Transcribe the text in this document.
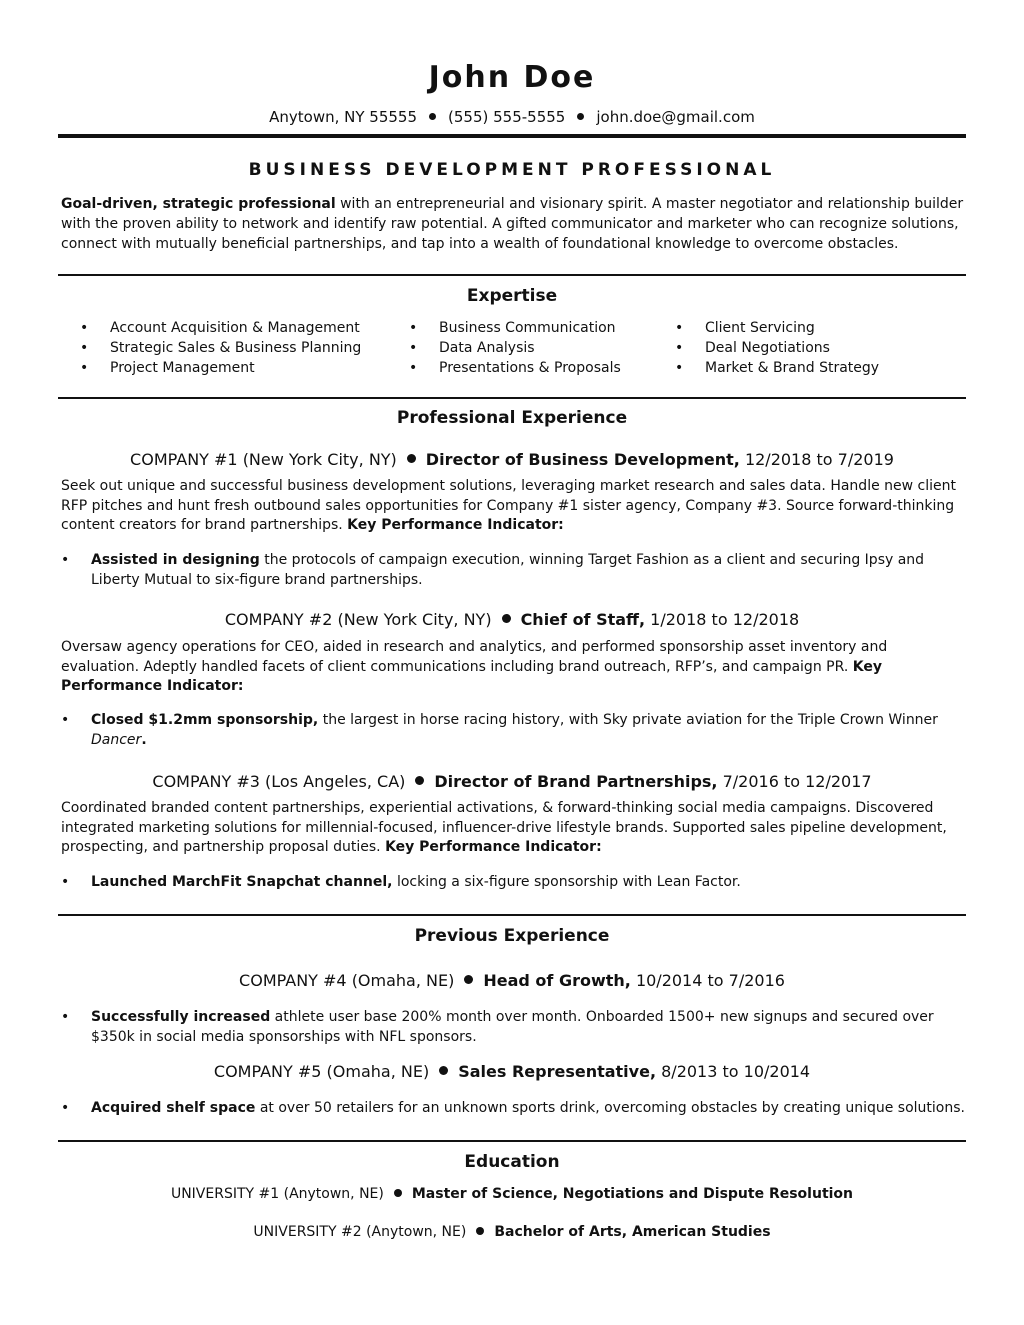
John Doe
Anytown, NY 55555 (555) 555-5555 john.doe@gmail.com
BUSINESS DEVELOPMENT PROFESSIONAL
Goal-driven, strategic professional with an entrepreneurial and visionary spirit. A master negotiator and relationship builder with the proven ability to network and identify raw potential. A gifted communicator and marketer who can recognize solutions, connect with mutually beneficial partnerships, and tap into a wealth of foundational knowledge to overcome obstacles.
Expertise
• Account Acquisition & Management
• Strategic Sales & Business Planning
• Project Management
• Business Communication
• Data Analysis
• Presentations & Proposals
• Client Servicing
• Deal Negotiations
• Market & Brand Strategy
Professional Experience
COMPANY #1 (New York City, NY) Director of Business Development, 12/2018 to 7/2019
Seek out unique and successful business development solutions, leveraging market research and sales data. Handle new client RFP pitches and hunt fresh outbound sales opportunities for Company #1 sister agency, Company #3. Source forward-thinking content creators for brand partnerships. Key Performance Indicator:
• Assisted in designing the protocols of campaign execution, winning Target Fashion as a client and securing Ipsy and Liberty Mutual to six-figure brand partnerships.
COMPANY #2 (New York City, NY) Chief of Staff, 1/2018 to 12/2018
Oversaw agency operations for CEO, aided in research and analytics, and performed sponsorship asset inventory and evaluation. Adeptly handled facets of client communications including brand outreach, RFP’s, and campaign PR. Key Performance Indicator:
• Closed $1.2mm sponsorship, the largest in horse racing history, with Sky private aviation for the Triple Crown Winner Dancer.
COMPANY #3 (Los Angeles, CA) Director of Brand Partnerships, 7/2016 to 12/2017
Coordinated branded content partnerships, experiential activations, & forward-thinking social media campaigns. Discovered integrated marketing solutions for millennial-focused, influencer-drive lifestyle brands. Supported sales pipeline development, prospecting, and partnership proposal duties. Key Performance Indicator:
• Launched MarchFit Snapchat channel, locking a six-figure sponsorship with Lean Factor.
Previous Experience
COMPANY #4 (Omaha, NE) Head of Growth, 10/2014 to 7/2016
• Successfully increased athlete user base 200% month over month. Onboarded 1500+ new signups and secured over $350k in social media sponsorships with NFL sponsors.
COMPANY #5 (Omaha, NE) Sales Representative, 8/2013 to 10/2014
• Acquired shelf space at over 50 retailers for an unknown sports drink, overcoming obstacles by creating unique solutions.
Education
UNIVERSITY #1 (Anytown, NE) Master of Science, Negotiations and Dispute Resolution
UNIVERSITY #2 (Anytown, NE) Bachelor of Arts, American Studies
